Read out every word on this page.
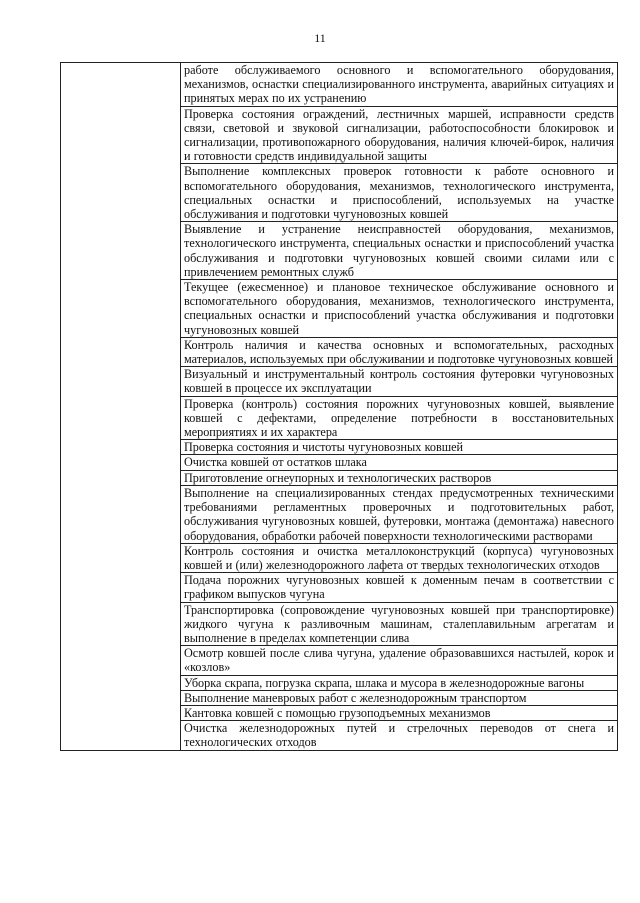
11
	работе обслуживаемого основного и вспомогательного оборудования, механизмов, оснастки специализированного инструмента, аварийных ситуациях и принятых мерах по их устранению
Проверка состояния ограждений, лестничных маршей, исправности средств связи, световой и звуковой сигнализации, работоспособности блокировок и сигнализации, противопожарного оборудования, наличия ключей-бирок, наличия и готовности средств индивидуальной защиты
Выполнение комплексных проверок готовности к работе основного и вспомогательного оборудования, механизмов, технологического инструмента, специальных оснастки и приспособлений, используемых на участке обслуживания и подготовки чугуновозных ковшей
Выявление и устранение неисправностей оборудования, механизмов, технологического инструмента, специальных оснастки и приспособлений участка обслуживания и подготовки чугуновозных ковшей своими силами или с привлечением ремонтных служб
Текущее (ежесменное) и плановое техническое обслуживание основного и вспомогательного оборудования, механизмов, технологического инструмента, специальных оснастки и приспособлений участка обслуживания и подготовки чугуновозных ковшей
Контроль наличия и качества основных и вспомогательных, расходных материалов, используемых при обслуживании и подготовке чугуновозных ковшей
Визуальный и инструментальный контроль состояния футеровки чугуновозных ковшей в процессе их эксплуатации
Проверка (контроль) состояния порожних чугуновозных ковшей, выявление ковшей с дефектами, определение потребности в восстановительных мероприятиях и их характера
Проверка состояния и чистоты чугуновозных ковшей
Очистка ковшей от остатков шлака
Приготовление огнеупорных и технологических растворов
Выполнение на специализированных стендах предусмотренных техническими требованиями регламентных проверочных и подготовительных работ, обслуживания чугуновозных ковшей, футеровки, монтажа (демонтажа) навесного оборудования, обработки рабочей поверхности технологическими растворами
Контроль состояния и очистка металлоконструкций (корпуса) чугуновозных ковшей и (или) железнодорожного лафета от твердых технологических отходов
Подача порожних чугуновозных ковшей к доменным печам в соответствии с графиком выпусков чугуна
Транспортировка (сопровождение чугуновозных ковшей при транспортировке) жидкого чугуна к разливочным машинам, сталеплавильным агрегатам и выполнение в пределах компетенции слива
Осмотр ковшей после слива чугуна, удаление образовавшихся настылей, корок и «козлов»
Уборка скрапа, погрузка скрапа, шлака и мусора в железнодорожные вагоны
Выполнение маневровых работ с железнодорожным транспортом
Кантовка ковшей с помощью грузоподъемных механизмов
Очистка железнодорожных путей и стрелочных переводов от снега и технологических отходов
